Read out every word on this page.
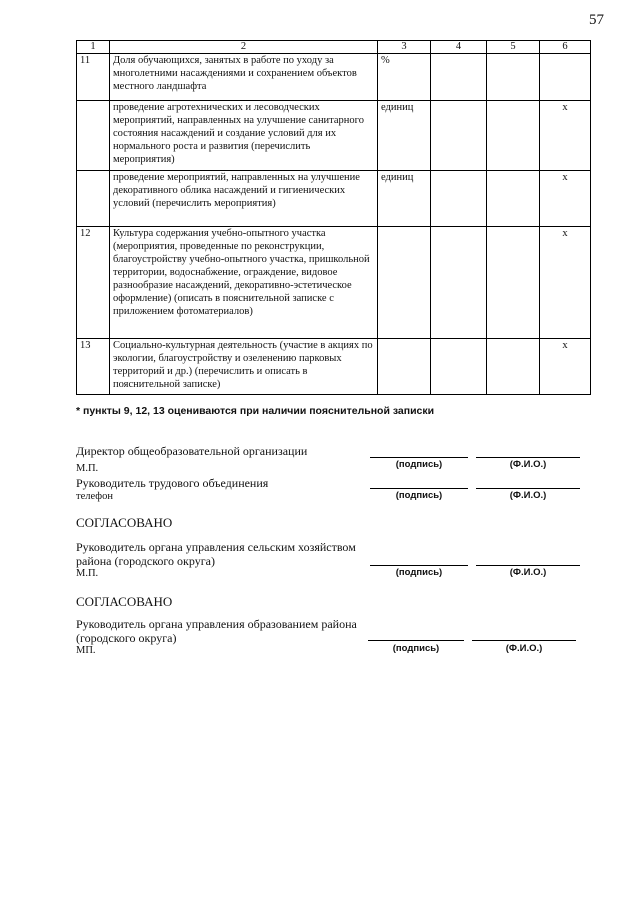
57
1	2	3	4	5	6
11	Доля обучающихся, занятых в работе по уходу за многолетними насаждениями и сохранением объектов местного ландшафта	%			
	проведение агротехнических и лесоводческих мероприятий, направленных на улучшение санитарного состояния насаждений и создание условий для их нормального роста и развития (перечислить мероприятия)	единиц			x
	проведение мероприятий, направленных на улучшение декоративного облика насаждений и гигиенических условий (перечислить мероприятия)	единиц			x
12	Культура содержания учебно-опытного участка (мероприятия, проведенные по реконструкции, благоустройству учебно-опытного участка, пришкольной территории, водоснабжение, ограждение, видовое разнообразие насаждений, декоративно-эстетическое оформление) (описать в пояснительной записке с приложением фотоматериалов)				x
13	Социально-культурная деятельность (участие в акциях по экологии, благоустройству и озеленению парковых территорий и др.) (перечислить и описать в пояснительной записке)				x
* пункты 9, 12, 13 оцениваются при наличии пояснительной записки
Директор общеобразовательной организации
М.П.	(подпись)	(Ф.И.О.)
Руководитель трудового объединения
телефон	(подпись)	(Ф.И.О.)
СОГЛАСОВАНО
Руководитель органа управления сельским хозяйством района (городского округа)
М.П.	(подпись)	(Ф.И.О.)
СОГЛАСОВАНО
Руководитель органа управления образованием района (городского округа)
МП.	(подпись)	(Ф.И.О.)
